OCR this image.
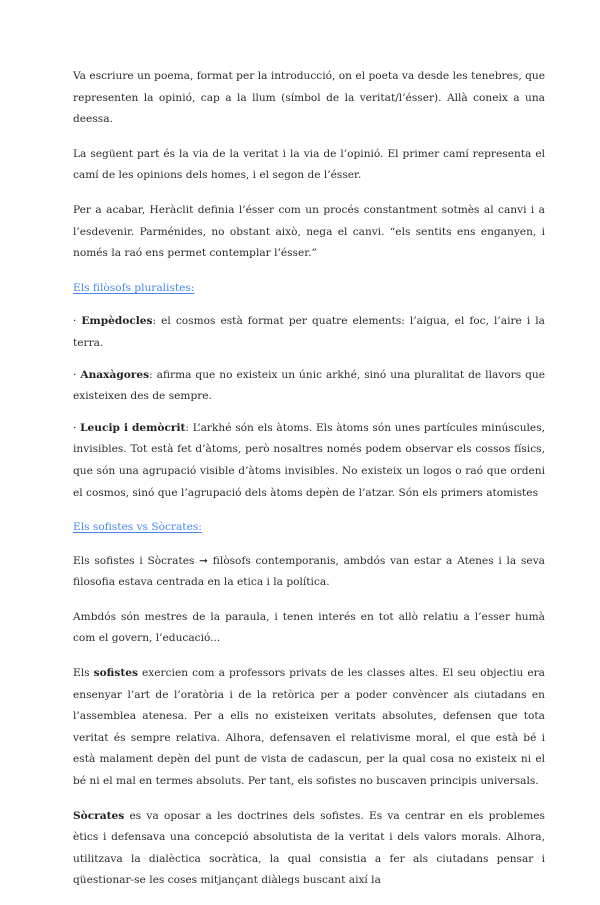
Va escriure un poema, format per la introducció, on el poeta va desde les tenebres, que representen la opinió, cap a la llum (símbol de la veritat/l’ésser). Allà coneix a una deessa.

La següent part és la via de la veritat i la via de l’opinió. El primer camí representa el camí de les opinions dels homes, i el segon de l’ésser.

Per a acabar, Heràclit definia l’ésser com un procés constantment sotmès al canvi i a l’esdevenir. Parménides, no obstant això, nega el canvi. “els sentits ens enganyen, i només la raó ens permet contemplar l’ésser.”

Els filòsofs pluralistes:

· Empèdocles: el cosmos està format per quatre elements: l’aigua, el foc, l’aire i la terra.

· Anaxàgores: afirma que no existeix un únic arkhé, sinó una pluralitat de llavors que existeixen des de sempre.

· Leucip i demòcrit: L’arkhé són els àtoms. Els àtoms són unes partícules minúscules, invisibles. Tot està fet d’àtoms, però nosaltres només podem observar els cossos físics, que són una agrupació visible d’àtoms invisibles. No existeix un logos o raó que ordeni el cosmos, sinó que l’agrupació dels àtoms depèn de l’atzar. Són els primers atomistes

Els sofistes vs Sòcrates:

Els sofistes i Sòcrates ➞ filòsofs contemporanis, ambdós van estar a Atenes i la seva filosofia estava centrada en la etica i la política.

Ambdós són mestres de la paraula, i tenen interés en tot allò relatiu a l’esser humà com el govern, l’educació...

Els sofistes exercien com a professors privats de les classes altes. El seu objectiu era ensenyar l’art de l’oratòria i de la retòrica per a poder convèncer als ciutadans en l’assemblea atenesa. Per a ells no existeixen veritats absolutes, defensen que tota veritat és sempre relativa. Alhora, defensaven el relativisme moral, el que està bé i està malament depèn del punt de vista de cadascun, per la qual cosa no existeix ni el bé ni el mal en termes absoluts. Per tant, els sofistes no buscaven principis universals.

Sòcrates es va oposar a les doctrines dels sofistes. Es va centrar en els problemes ètics i defensava una concepció absolutista de la veritat i dels valors morals. Alhora, utilitzava la dialèctica socràtica, la qual consistia a fer als ciutadans pensar i qüestionar-se les coses mitjançant diàlegs buscant així la
